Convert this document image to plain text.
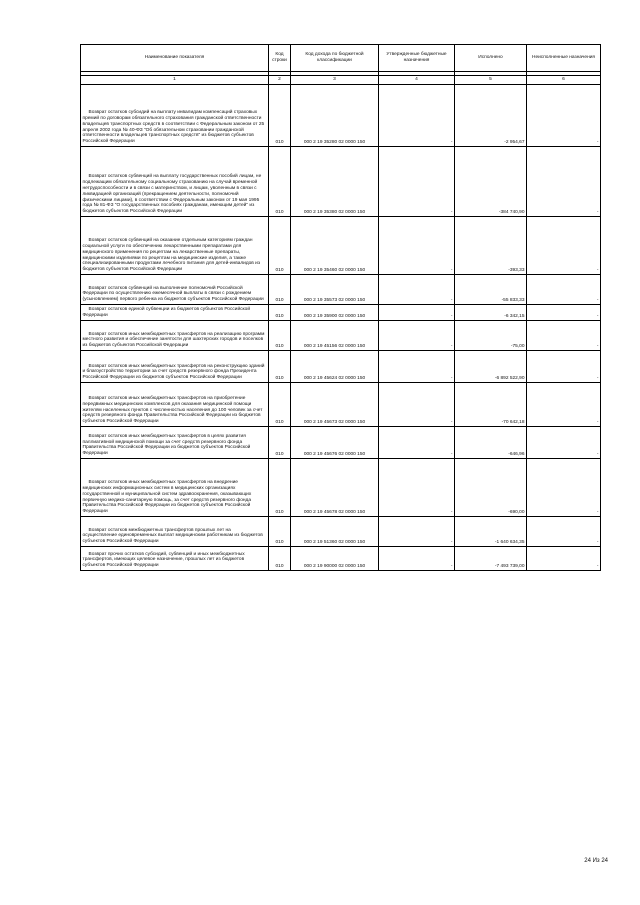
Наименование показателя	Код строки	Код дохода по бюджетной классификации	Утвержденные бюджетные назначения	Исполнено	Неисполненные назначения

1	2	3	4	5	6
Возврат остатков субсидий на выплату инвалидам компенсаций страховых премий по договорам обязательного страхования гражданской ответственности владельцев транспортных средств в соответствии с Федеральным законом от 25 апреля 2002 года № 40-ФЗ "Об обязательном страховании гражданской ответственности владельцев транспортных средств" из бюджетов субъектов Российской Федерации	010	000 2 19 35280 02 0000 150	-	-2 954,67	-
Возврат остатков субвенций на выплату государственных пособий лицам, не подлежащим обязательному социальному страхованию на случай временной нетрудоспособности и в связи с материнством, и лицам, уволенным в связи с ликвидацией организаций (прекращением деятельности, полномочий физическими лицами), в соответствии с Федеральным законом от 19 мая 1995 года № 81-ФЗ "О государственных пособиях гражданам, имеющим детей" из бюджетов субъектов Российской Федерации	010	000 2 19 35380 02 0000 150	-	-384 740,90	-
Возврат остатков субвенций на оказание отдельным категориям граждан социальной услуги по обеспечению лекарственными препаратами для медицинского применения по рецептам на лекарственные препараты, медицинскими изделиями по рецептам на медицинские изделия, а также специализированными продуктами лечебного питания для детей-инвалидов из бюджетов субъектов Российской Федерации	010	000 2 19 35460 02 0000 150	-	-393,33	-
Возврат остатков субвенций на выполнение полномочий Российской Федерации по осуществлению ежемесячной выплаты в связи с рождением (усыновлением) первого ребенка из бюджетов субъектов Российской Федерации	010	000 2 19 35573 02 0000 150	-	-55 833,33	-
Возврат остатков единой субвенции из бюджетов субъектов Российской Федерации	010	000 2 19 35900 02 0000 150	-	-6 342,15	-
Возврат остатков иных межбюджетных трансфертов на реализацию программ местного развития и обеспечение занятости для шахтерских городов и поселков из бюджетов субъектов Российской Федерации	010	000 2 19 45156 02 0000 150	-	-75,00	-
Возврат остатков иных межбюджетных трансфертов на реконструкцию зданий и благоустройство территории за счет средств резервного фонда Президента Российской Федерации из бюджетов субъектов Российской Федерации	010	000 2 19 45624 02 0000 150	-	-6 892 522,90	-
Возврат остатков иных межбюджетных трансфертов на приобретение передвижных медицинских комплексов для оказания медицинской помощи жителям населенных пунктов с численностью населения до 100 человек за счет средств резервного фонда Правительства Российской Федерации из бюджетов субъектов Российской Федерации	010	000 2 19 45673 02 0000 150	-	-70 642,18	-
Возврат остатков иных межбюджетных трансфертов в целях развития паллиативной медицинской помощи за счет средств резервного фонда Правительства Российской Федерации из бюджетов субъектов Российской Федерации	010	000 2 19 45676 02 0000 150	-	-646,96	-
Возврат остатков иных межбюджетных трансфертов на внедрение медицинских информационных систем в медицинских организациях государственной и муниципальной систем здравоохранения, оказывающих первичную медико-санитарную помощь, за счет средств резервного фонда Правительства Российской Федерации из бюджетов субъектов Российской Федерации	010	000 2 19 45678 02 0000 150	-	-690,00	-
Возврат остатков межбюджетных трансфертов прошлых лет на осуществление единовременных выплат медицинским работникам из бюджетов субъектов Российской Федерации	010	000 2 19 51360 02 0000 150	-	-1 640 634,35	-
Возврат прочих остатков субсидий, субвенций и иных межбюджетных трансфертов, имеющих целевое назначение, прошлых лет из бюджетов субъектов Российской Федерации	010	000 2 19 90000 02 0000 150	-	-7 493 739,00	-
24 Из 24
